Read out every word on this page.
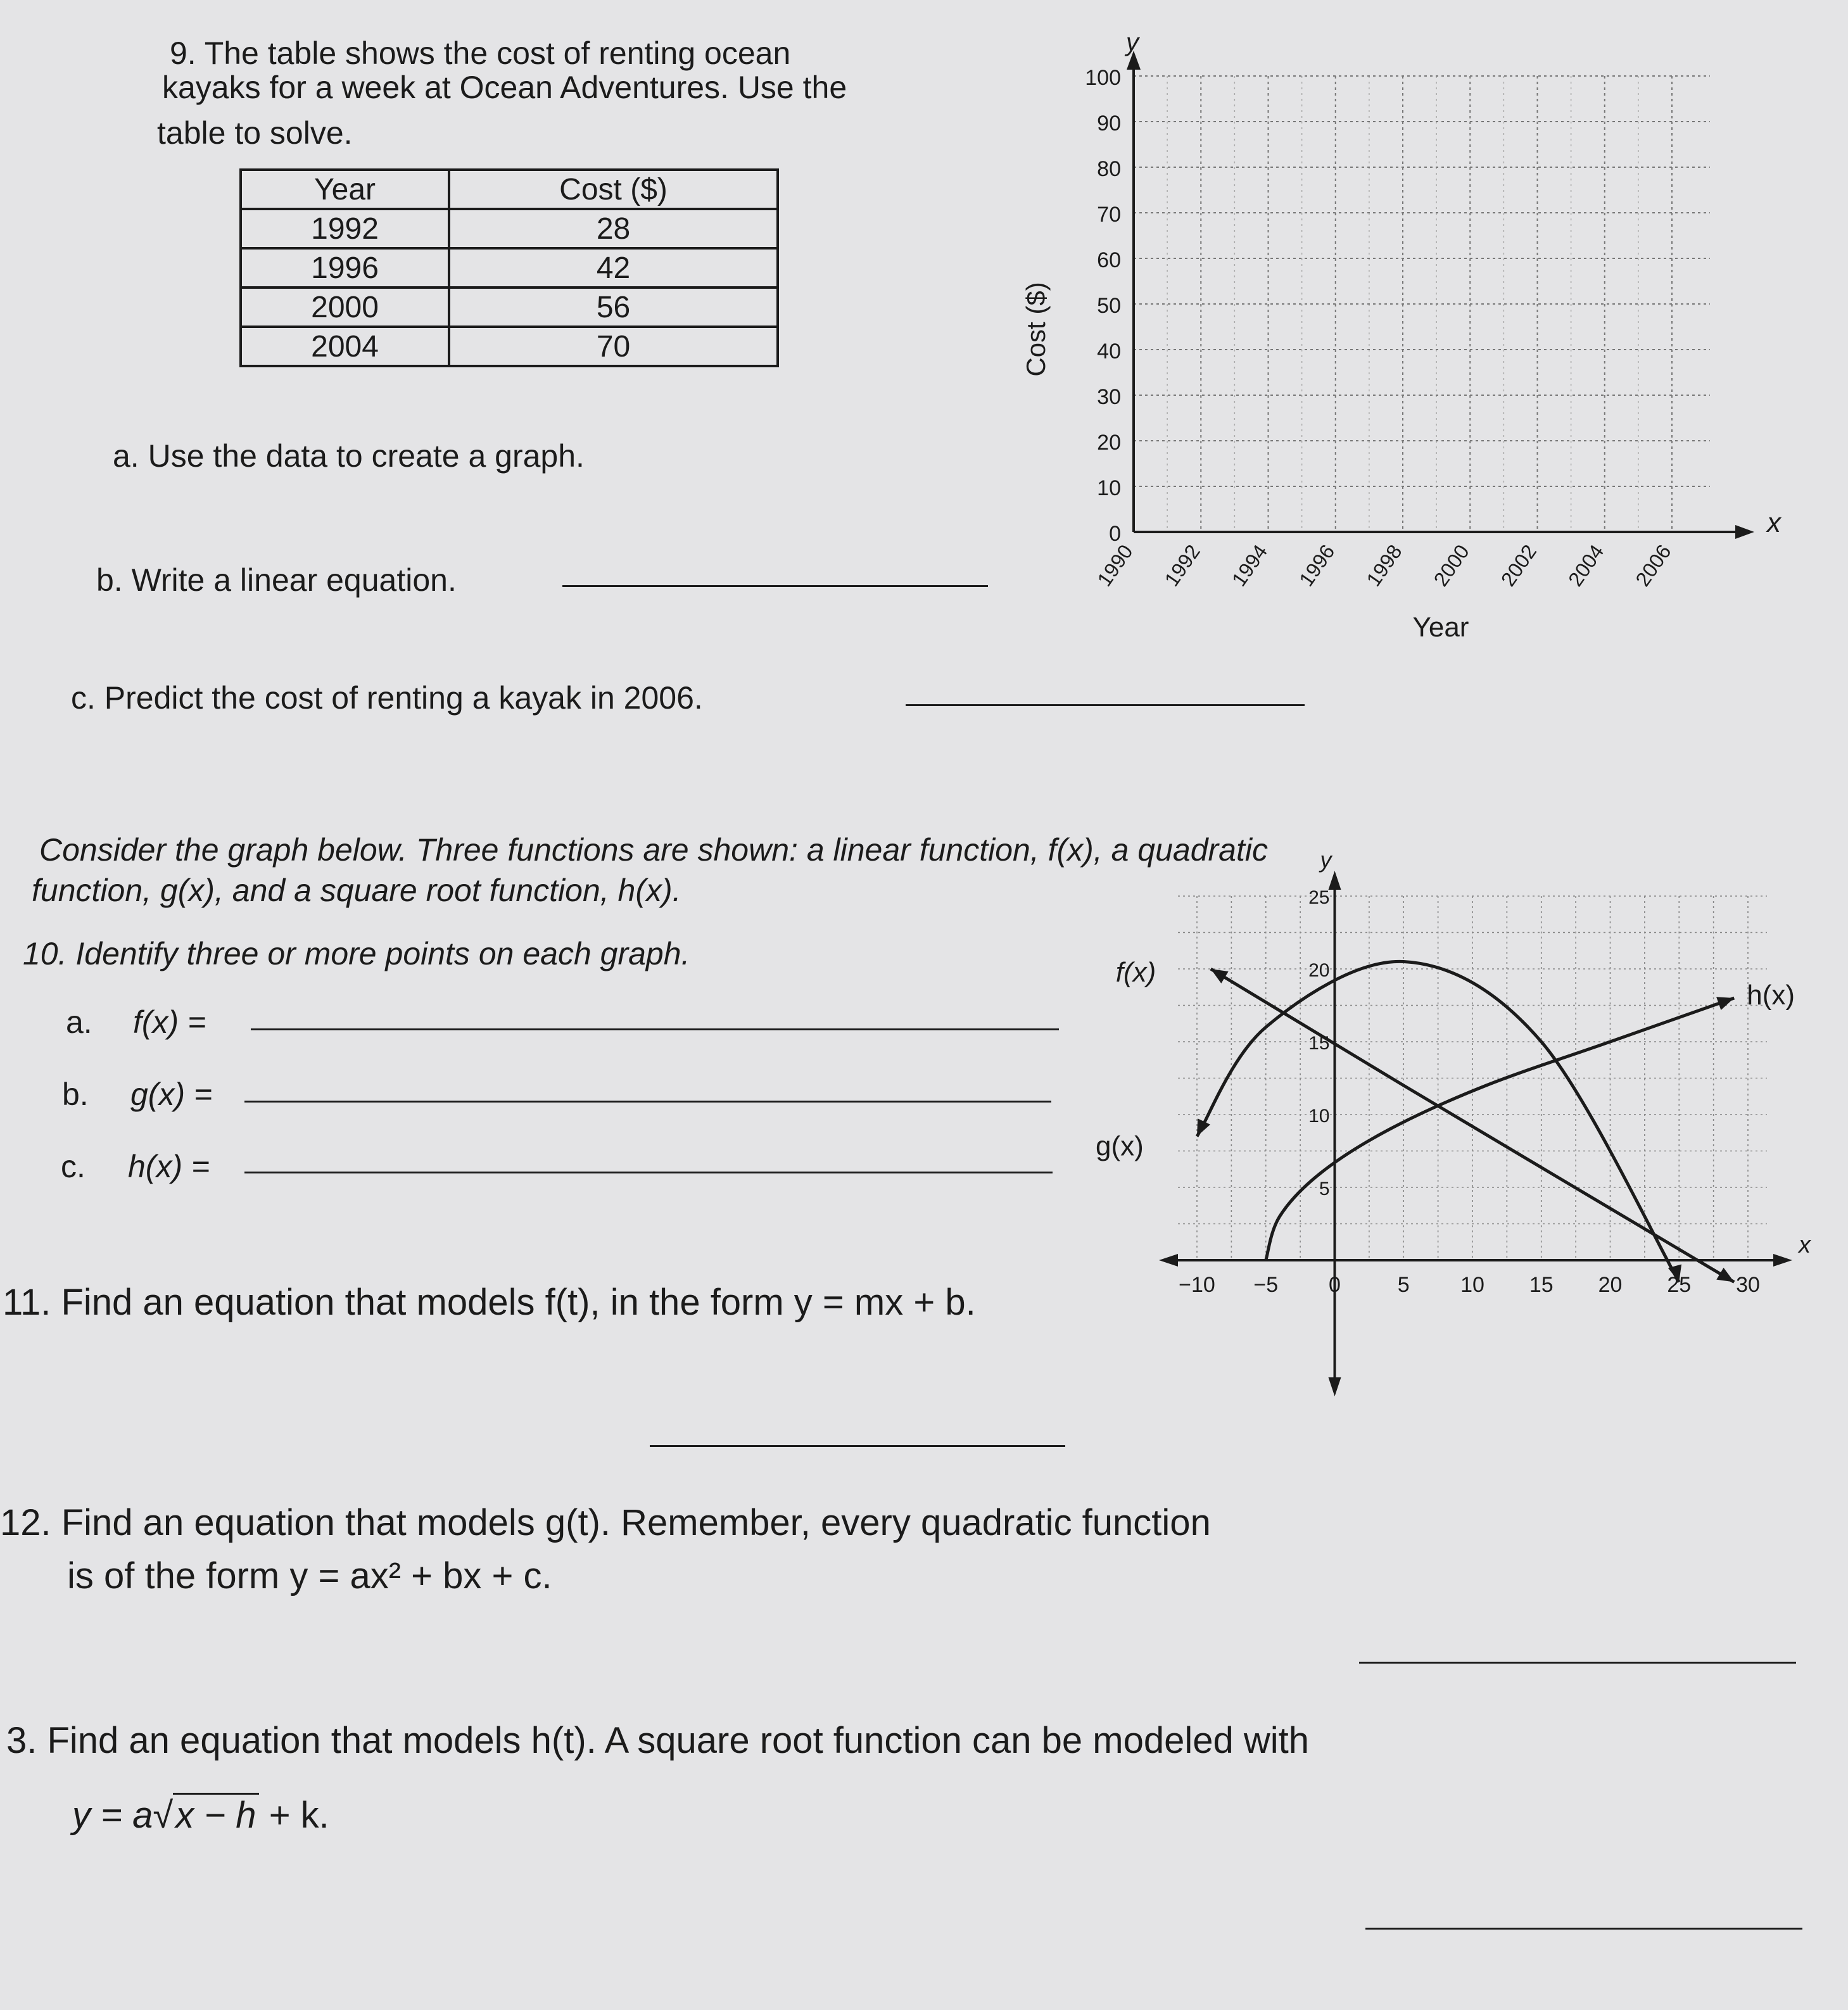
9. The table shows the cost of renting ocean
kayaks for a week at Ocean Adventures. Use the
table to solve.
Year	Cost ($)
1992	28
1996	42
2000	56
2004	70
a. Use the data to create a graph.
b. Write a linear equation.
c. Predict the cost of renting a kayak in 2006.
y
x
0
10
20
30
40
50
60
70
80
90
100
1990 1992 1994 1996 1998 2000 2002 2004 2006
Year
Cost ($)
Consider the graph below. Three functions are shown: a linear function, f(x), a quadratic
function, g(x), and a square root function, h(x).
10. Identify three or more points on each graph.
a. f(x) =
b. g(x) =
c. h(x) =
y
x
−10 −5 0	5 10 15 20 25 30
5
10
15
20
25
f(x)
g(x)
h(x)
11. Find an equation that models f(t), in the form y = mx + b.
12. Find an equation that models g(t). Remember, every quadratic function
is of the form y = ax² + bx + c.
3. Find an equation that models h(t). A square root function can be modeled with
y = a√x − h + k.
